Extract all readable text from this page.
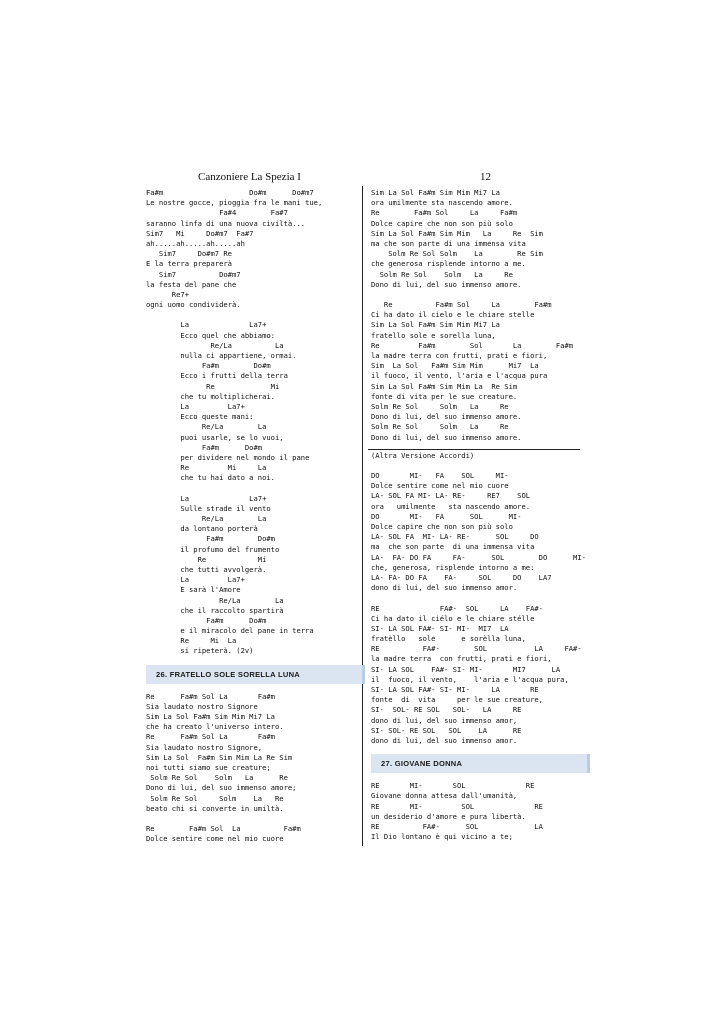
Canzoniere La Spezia I	12
Fa#m                    Do#m      Do#m7
Le nostre gocce, pioggia fra le mani tue,
Fa#4        Fa#7
saranno linfa di una nuova civiltà...
Sim7   Mi     Do#m7  Fa#7
ah.....ah.....ah.....ah
Sim7     Do#m7 Re
E la terra preparerà
Sim7          Do#m7
la festa del pane che
Re7+
ogni uomo condividerà.
La              La7+
Ecco quel che abbiamo:
Re/La          La
nulla ci appartiene, ormai.
Fa#m        Do#m
Ecco i frutti della terra
Re             Mi
che tu moltiplicherai.
La         La7+
Ecco queste mani:
Re/La        La
puoi usarle, se lo vuoi,
Fa#m      Do#m
per dividere nel mondo il pane
Re         Mi     La
che tu hai dato a noi.
La              La7+
Sulle strade il vento
Re/La        La
da lontano porterà
Fa#m        Do#m
il profumo del frumento
Re            Mi
che tutti avvolgerà.
La         La7+
E sarà l'Amore
Re/La        La
che il raccolto spartirà
Fa#m      Do#m
e il miracolo del pane in terra
Re     Mi  La
si ripeterà. (2v)
26. FRATELLO SOLE SORELLA LUNA
Re      Fa#m Sol La       Fa#m
Sia laudato nostro Signore
Sim La Sol Fa#m Sim Mim Mi7 La
che ha creato l'universo intero.
Re      Fa#m Sol La       Fa#m
Sia laudato nostro Signore,
Sim La Sol  Fa#m Sim Mim La Re Sim
noi tutti siamo sue creature;
Solm Re Sol    Solm   La      Re
Dono di lui, del suo immenso amore;
Solm Re Sol     Solm    La   Re
beato chi si converte in umiltà.
Re        Fa#m Sol  La          Fa#m
Dolce sentire come nel mio cuore
Sim La Sol Fa#m Sim Mim Mi7 La
ora umilmente sta nascendo amore.
Re        Fa#m Sol     La     Fa#m
Dolce capire che non son più solo
Sim La Sol Fa#m Sim Mim   La     Re  Sim
ma che son parte di una immensa vita
Solm Re Sol Solm    La        Re Sim
che generosa risplende intorno a me.
Solm Re Sol    Solm   La     Re
Dono di lui, del suo immenso amore.
Re          Fa#m Sol     La        Fa#m
Ci ha dato il cielo e le chiare stelle
Sim La Sol Fa#m Sim Mim Mi7 La
fratello sole e sorella luna,
Re         Fa#m        Sol       La        Fa#m
la madre terra con frutti, prati e fiori,
Sim  La Sol   Fa#m Sim Mim      Mi7  La
il fuoco, il vento, l'aria e l'acqua pura
Sim La Sol Fa#m Sim Mim La  Re Sim
fonte di vita per le sue creature.
Solm Re Sol     Solm   La     Re
Dono di lui, del suo immenso amore.
Solm Re Sol     Solm   La     Re
Dono di lui, del suo immenso amore.
(Altra Versione Accordi)
DO       MI-   FA    SOL     MI-
Dolce sentire come nel mio cuore
LA- SOL FA MI- LA- RE-     RE7    SOL
ora   umilmente   sta nascendo amore.
DO       MI-   FA      SOL      MI-
Dolce capire che non son più solo
LA- SOL FA  MI- LA- RE-      SOL     DO
ma  che son parte  di una immensa vita
LA-  FA- DO FA     FA-      SOL        DO      MI-
che, generosa, risplende intorno a me:
LA- FA- DO FA    FA-     SOL     DO    LA7
dono di lui, del suo immenso amor.
RE              FA#-  SOL     LA    FA#-
Ci ha dato il ciélo e le chiare stélle
SI- LA SOL FA#- SI- MI-  MI7  LA
fratèllo   sole      e sorèlla luna,
RE          FA#-        SOL           LA     FA#-
la madre terra  con frutti, prati e fiori,
SI- LA SOL    FA#- SI- MI-       MI7      LA
il  fuoco, il vento,    l'aria e l'acqua pura,
SI- LA SOL FA#- SI- MI-     LA       RE
fonte  di  vita     per le sue creature,
SI-  SOL- RE SOL   SOL-   LA     RE
dono di lui, del suo immenso amor,
SI- SOL- RE SOL   SOL    LA      RE
dono di lui, del suo immenso amor.
27. GIOVANE DONNA
RE       MI-       SOL              RE
Giovane donna attesa dall'umanità,
RE       MI-         SOL              RE
un desiderio d'amore e pura libertà.
RE          FA#-      SOL             LA
Il Dio lontano è qui vicino a te;
